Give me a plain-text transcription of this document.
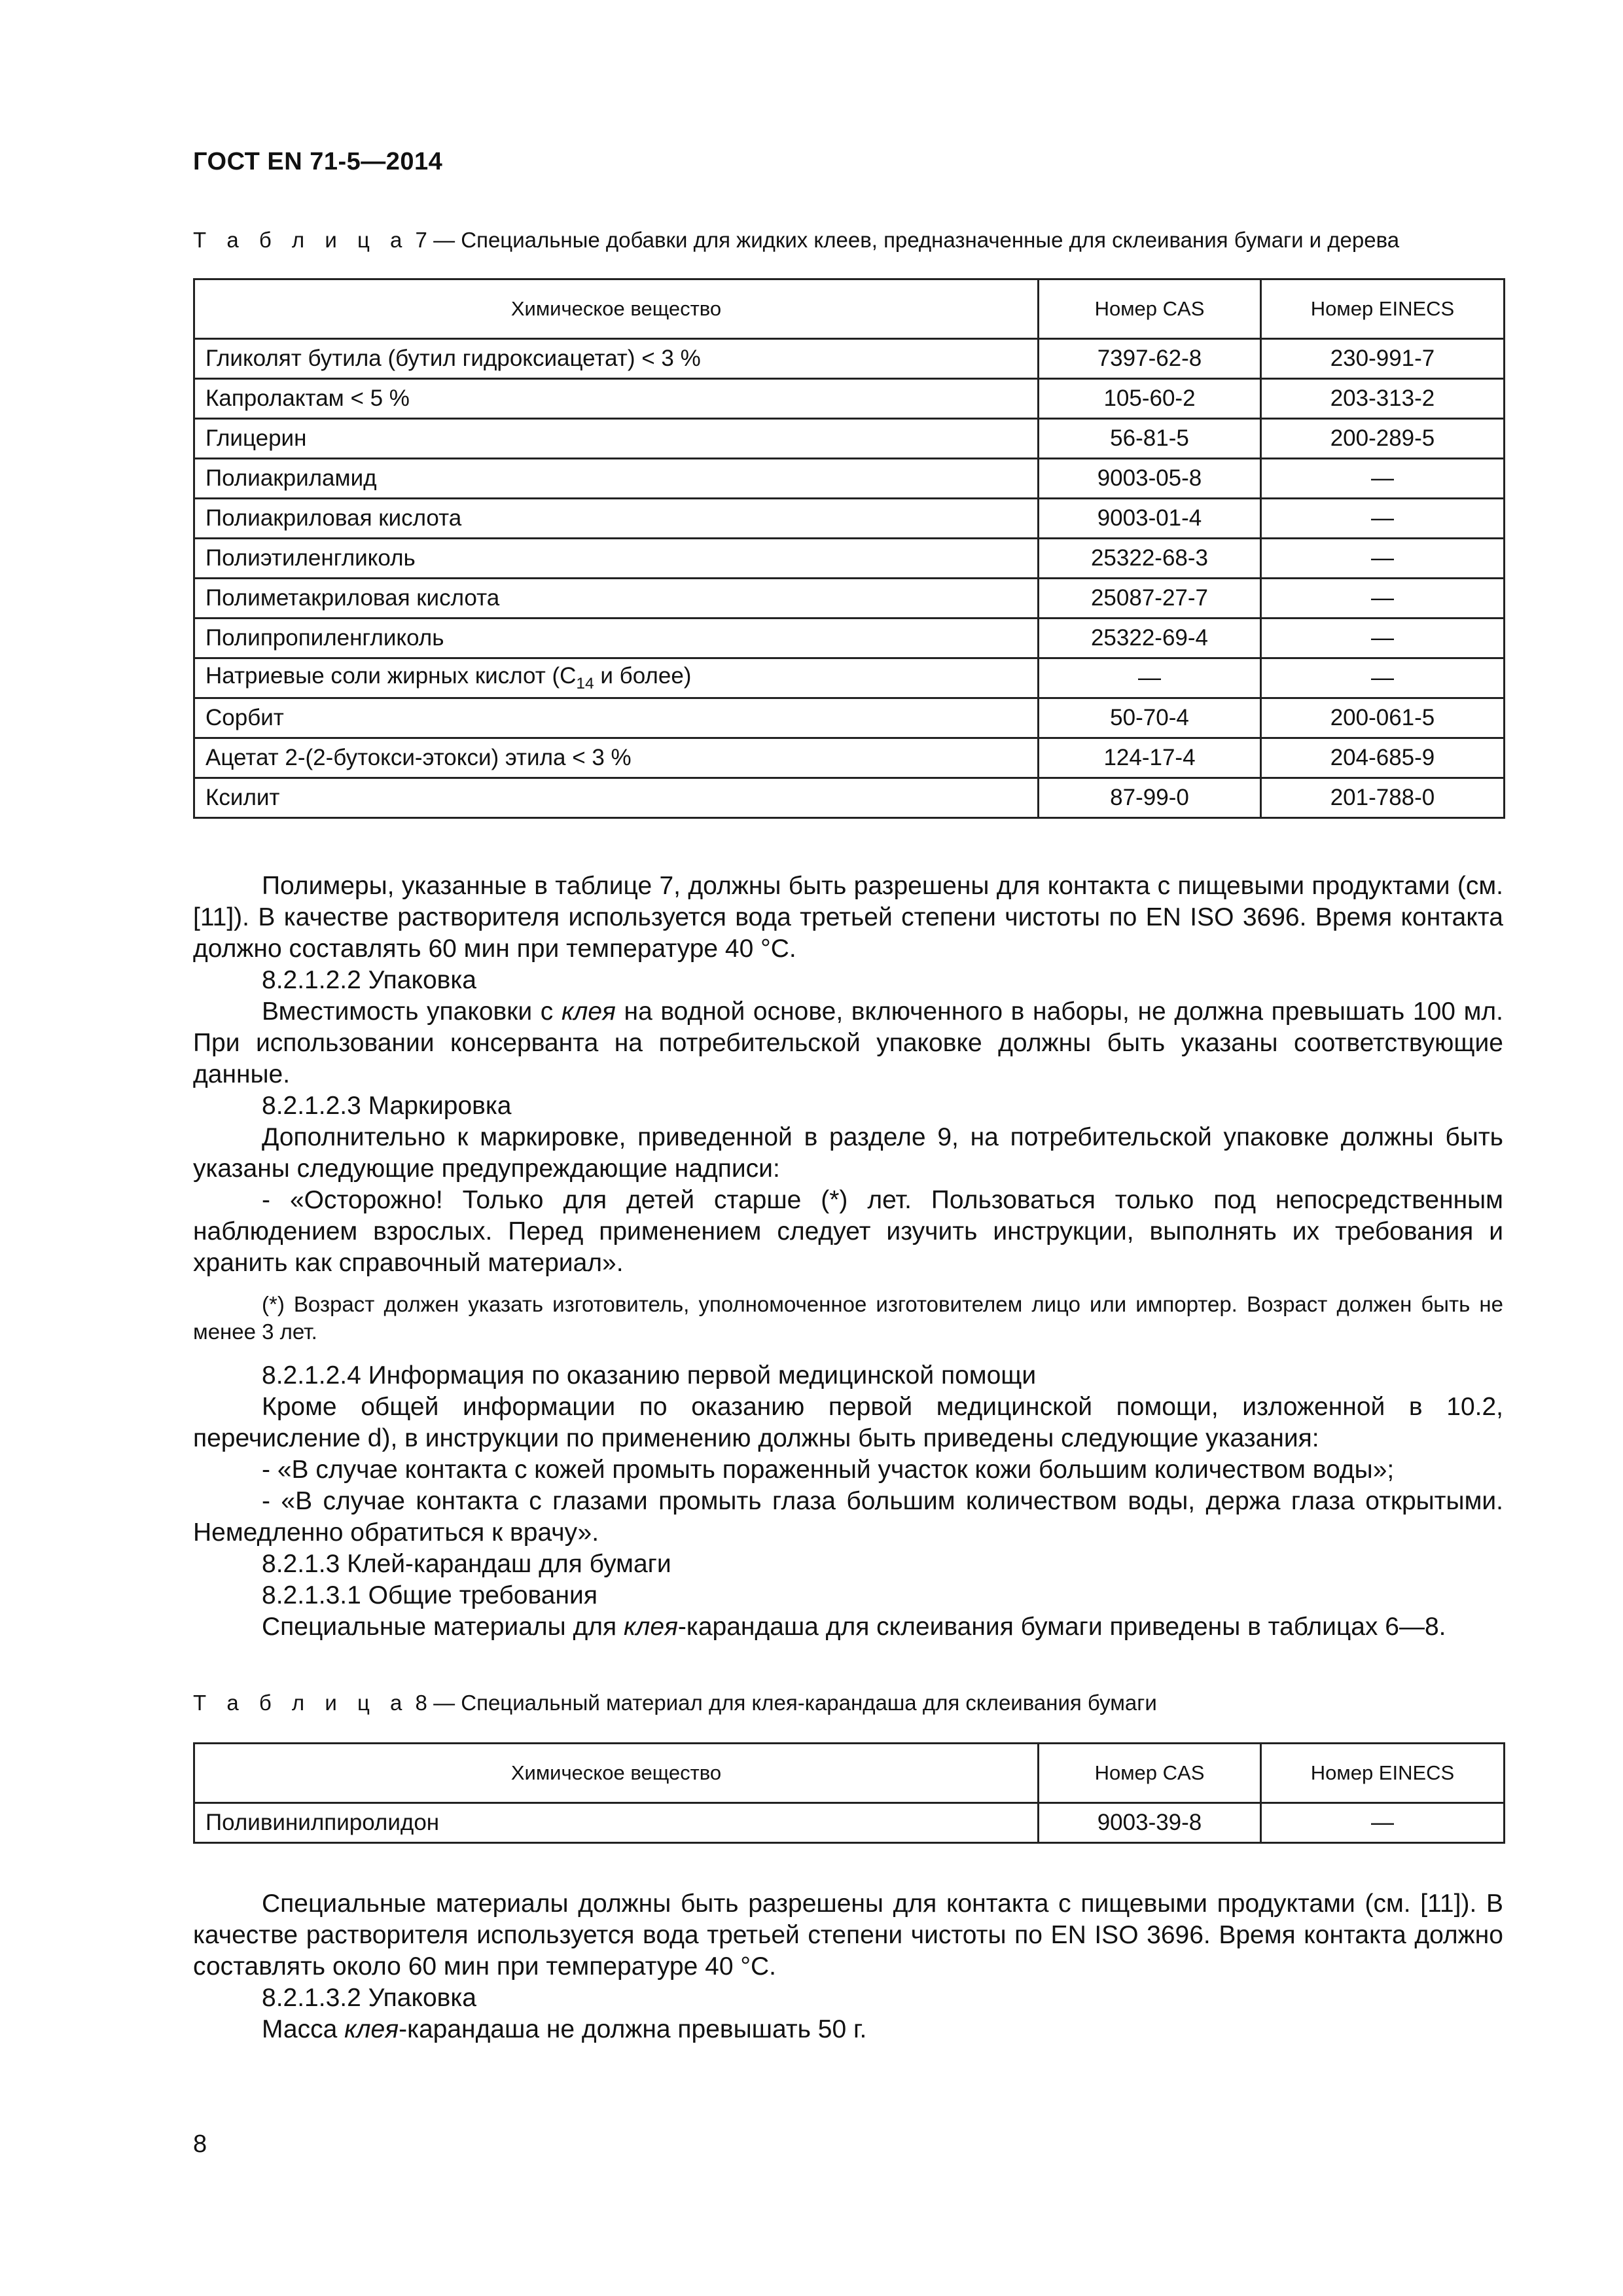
ГОСТ EN 71-5—2014
Т а б л и ц а 7 — Специальные добавки для жидких клеев, предназначенные для склеивания бумаги и дерева
Химическое вещество	Номер CAS	Номер EINECS
Гликолят бутила (бутил гидроксиацетат) < 3 %	7397-62-8	230-991-7
Капролактам < 5 %	105-60-2	203-313-2
Глицерин	56-81-5	200-289-5
Полиакриламид	9003-05-8	—
Полиакриловая кислота	9003-01-4	—
Полиэтиленгликоль	25322-68-3	—
Полиметакриловая кислота	25087-27-7	—
Полипропиленгликоль	25322-69-4	—
Натриевые соли жирных кислот ($C_{14}$ и более)	—	—
Сорбит	50-70-4	200-061-5
Ацетат 2-(2-бутокси-этокси) этила < 3 %	124-17-4	204-685-9
Ксилит	87-99-0	201-788-0

Полимеры, указанные в таблице 7, должны быть разрешены для контакта с пищевыми продуктами (см. [11]). В качестве растворителя используется вода третьей степени чистоты по EN ISO 3696. Время контакта должно составлять 60 мин при температуре 40 °С.

8.2.1.2.2 Упаковка

Вместимость упаковки с клея на водной основе, включенного в наборы, не должна превышать 100 мл. При использовании консерванта на потребительской упаковке должны быть указаны соответствующие данные.

8.2.1.2.3 Маркировка

Дополнительно к маркировке, приведенной в разделе 9, на потребительской упаковке должны быть указаны следующие предупреждающие надписи:

- «Осторожно! Только для детей старше (*) лет. Пользоваться только под непосредственным наблюдением взрослых. Перед применением следует изучить инструкции, выполнять их требования и хранить как справочный материал».

(*) Возраст должен указать изготовитель, уполномоченное изготовителем лицо или импортер. Возраст должен быть не менее 3 лет.

8.2.1.2.4 Информация по оказанию первой медицинской помощи

Кроме общей информации по оказанию первой медицинской помощи, изложенной в 10.2, перечисление d), в инструкции по применению должны быть приведены следующие указания:

- «В случае контакта с кожей промыть пораженный участок кожи большим количеством воды»;

- «В случае контакта с глазами промыть глаза большим количеством воды, держа глаза открытыми. Немедленно обратиться к врачу».

8.2.1.3 Клей-карандаш для бумаги

8.2.1.3.1 Общие требования

Специальные материалы для клея-карандаша для склеивания бумаги приведены в таблицах 6—8.

Т а б л и ц а 8 — Специальный материал для клея-карандаша для склеивания бумаги
Химическое вещество	Номер CAS	Номер EINECS
Поливинилпиролидон	9003-39-8	—

Специальные материалы должны быть разрешены для контакта с пищевыми продуктами (см. [11]). В качестве растворителя используется вода третьей степени чистоты по EN ISO 3696. Время контакта должно составлять около 60 мин при температуре 40 °С.

8.2.1.3.2 Упаковка

Масса клея-карандаша не должна превышать 50 г.

8
